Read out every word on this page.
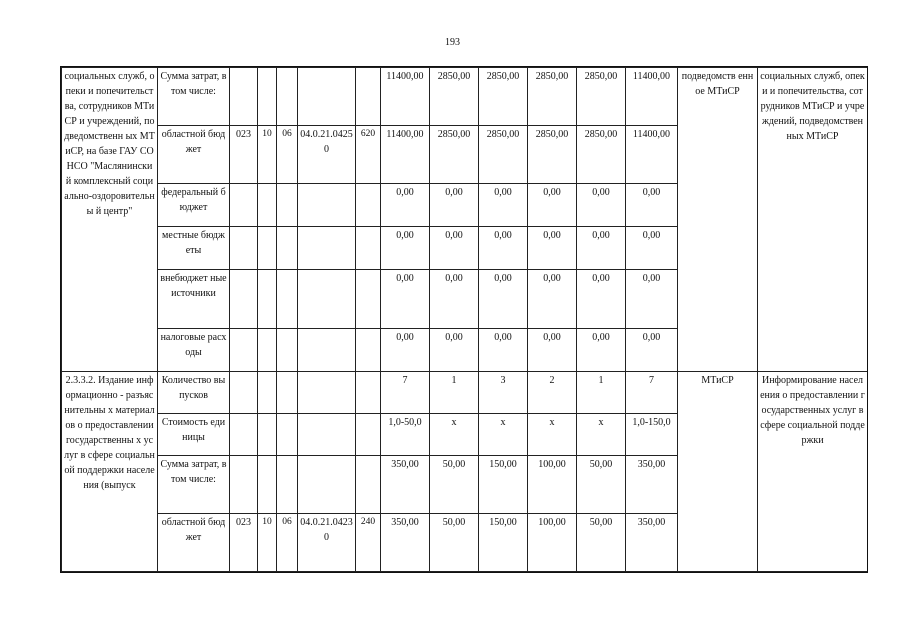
193
социальных служб, опеки и попечительства, сотрудников МТиСР и учреждений, подведомственн ых МТиСР, на базе ГАУ СО НСО "Маслянинский комплексный социально-оздоровительны й центр"	Сумма затрат, в том числе:						11400,00	2850,00	2850,00	2850,00	2850,00	11400,00	подведомств енное МТиСР	социальных служб, опеки и попечительства, сотрудников МТиСР и учреждений, подведомственных МТиСР
	областной бюджет	023	10	06	04.0.21.04250	620	11400,00	2850,00	2850,00	2850,00	2850,00	11400,00		
	федеральный бюджет						0,00	0,00	0,00	0,00	0,00	0,00		
	местные бюджеты						0,00	0,00	0,00	0,00	0,00	0,00		
	внебюджет ные источники						0,00	0,00	0,00	0,00	0,00	0,00		
	налоговые расходы						0,00	0,00	0,00	0,00	0,00	0,00		
2.3.3.2. Издание информационно - разъяснительны х материалов о предоставлении государственны х услуг в сфере социальной поддержки населения (выпуск	Количество выпусков						7	1	3	2	1	7	МТиСР	Информирование населения о предоставлении государственных услуг в сфере социальной поддержки
	Стоимость единицы						1,0-50,0	x	x	x	x	1,0-150,0		
	Сумма затрат, в том числе:						350,00	50,00	150,00	100,00	50,00	350,00		
	областной бюджет	023	10	06	04.0.21.04230	240	350,00	50,00	150,00	100,00	50,00	350,00		
